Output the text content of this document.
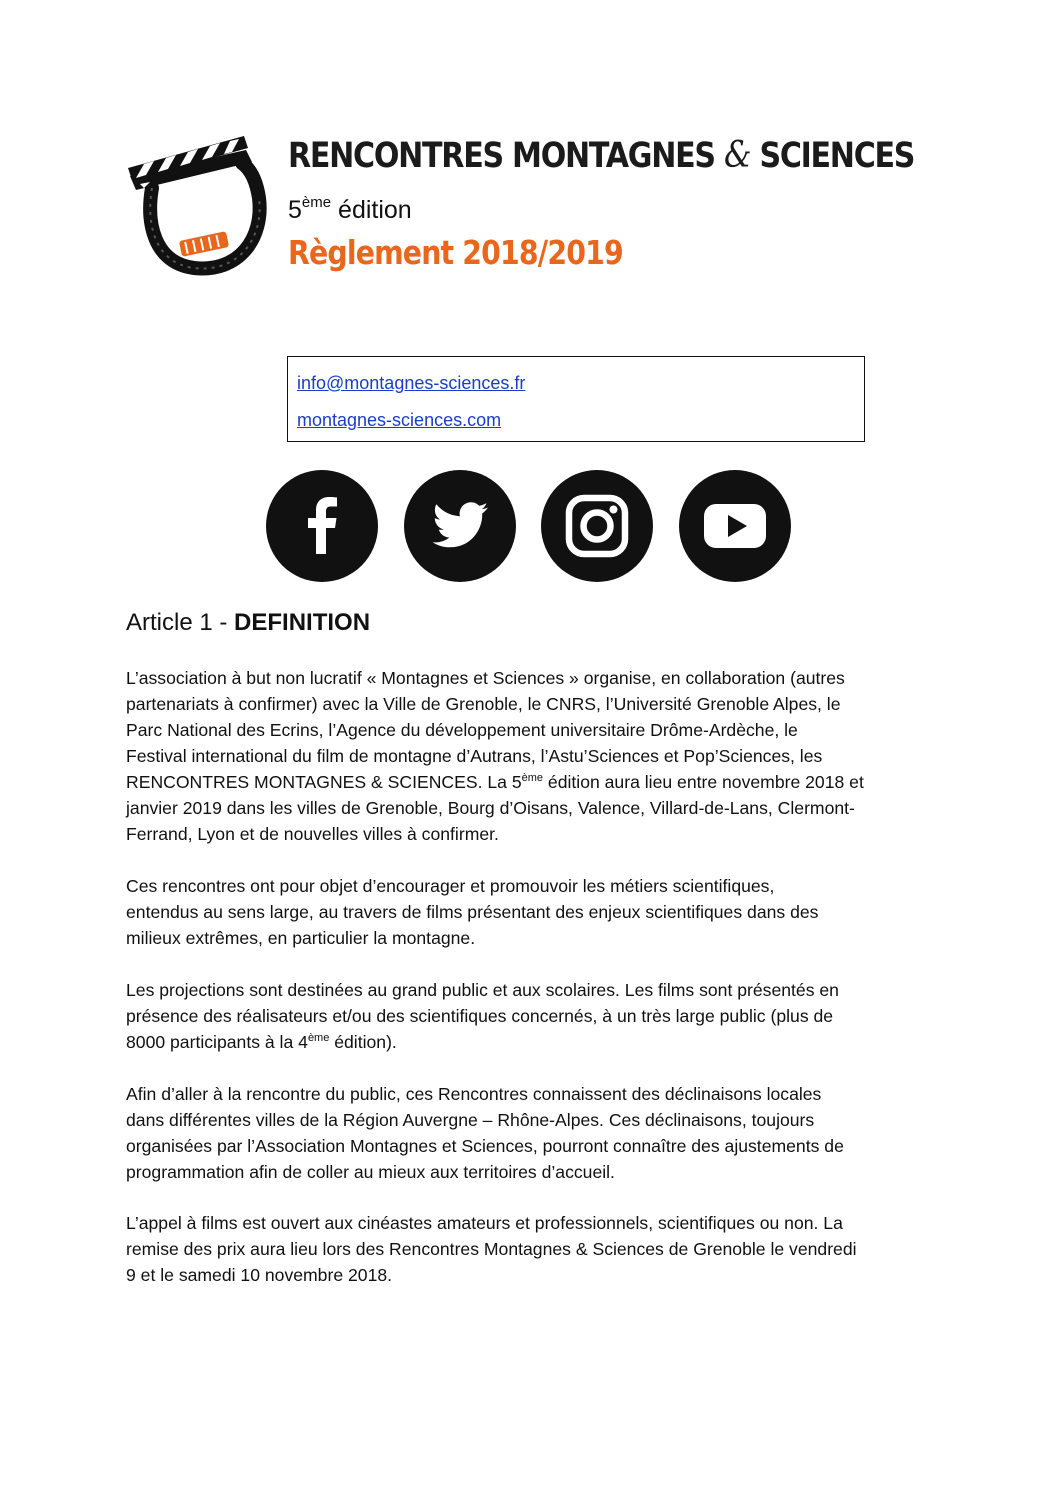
RENCONTRES MONTAGNES & SCIENCES
5ème édition
Règlement 2018/2019
info@montagnes-sciences.fr
montagnes-sciences.com
Article 1 - DEFINITION
L’association à but non lucratif « Montagnes et Sciences » organise, en collaboration (autres
partenariats à confirmer) avec la Ville de Grenoble, le CNRS, l’Université Grenoble Alpes, le
Parc National des Ecrins, l’Agence du développement universitaire Drôme-Ardèche, le
Festival international du film de montagne d’Autrans, l’Astu’Sciences et Pop’Sciences, les
RENCONTRES MONTAGNES & SCIENCES. La 5ème édition aura lieu entre novembre 2018 et
janvier 2019 dans les villes de Grenoble, Bourg d’Oisans, Valence, Villard-de-Lans, Clermont-
Ferrand, Lyon et de nouvelles villes à confirmer.
Ces rencontres ont pour objet d’encourager et promouvoir les métiers scientifiques,
entendus au sens large, au travers de films présentant des enjeux scientifiques dans des
milieux extrêmes, en particulier la montagne.
Les projections sont destinées au grand public et aux scolaires. Les films sont présentés en
présence des réalisateurs et/ou des scientifiques concernés, à un très large public (plus de
8000 participants à la 4ème édition).
Afin d’aller à la rencontre du public, ces Rencontres connaissent des déclinaisons locales
dans différentes villes de la Région Auvergne – Rhône-Alpes. Ces déclinaisons, toujours
organisées par l’Association Montagnes et Sciences, pourront connaître des ajustements de
programmation afin de coller au mieux aux territoires d’accueil.
L’appel à films est ouvert aux cinéastes amateurs et professionnels, scientifiques ou non. La
remise des prix aura lieu lors des Rencontres Montagnes & Sciences de Grenoble le vendredi
9 et le samedi 10 novembre 2018.
